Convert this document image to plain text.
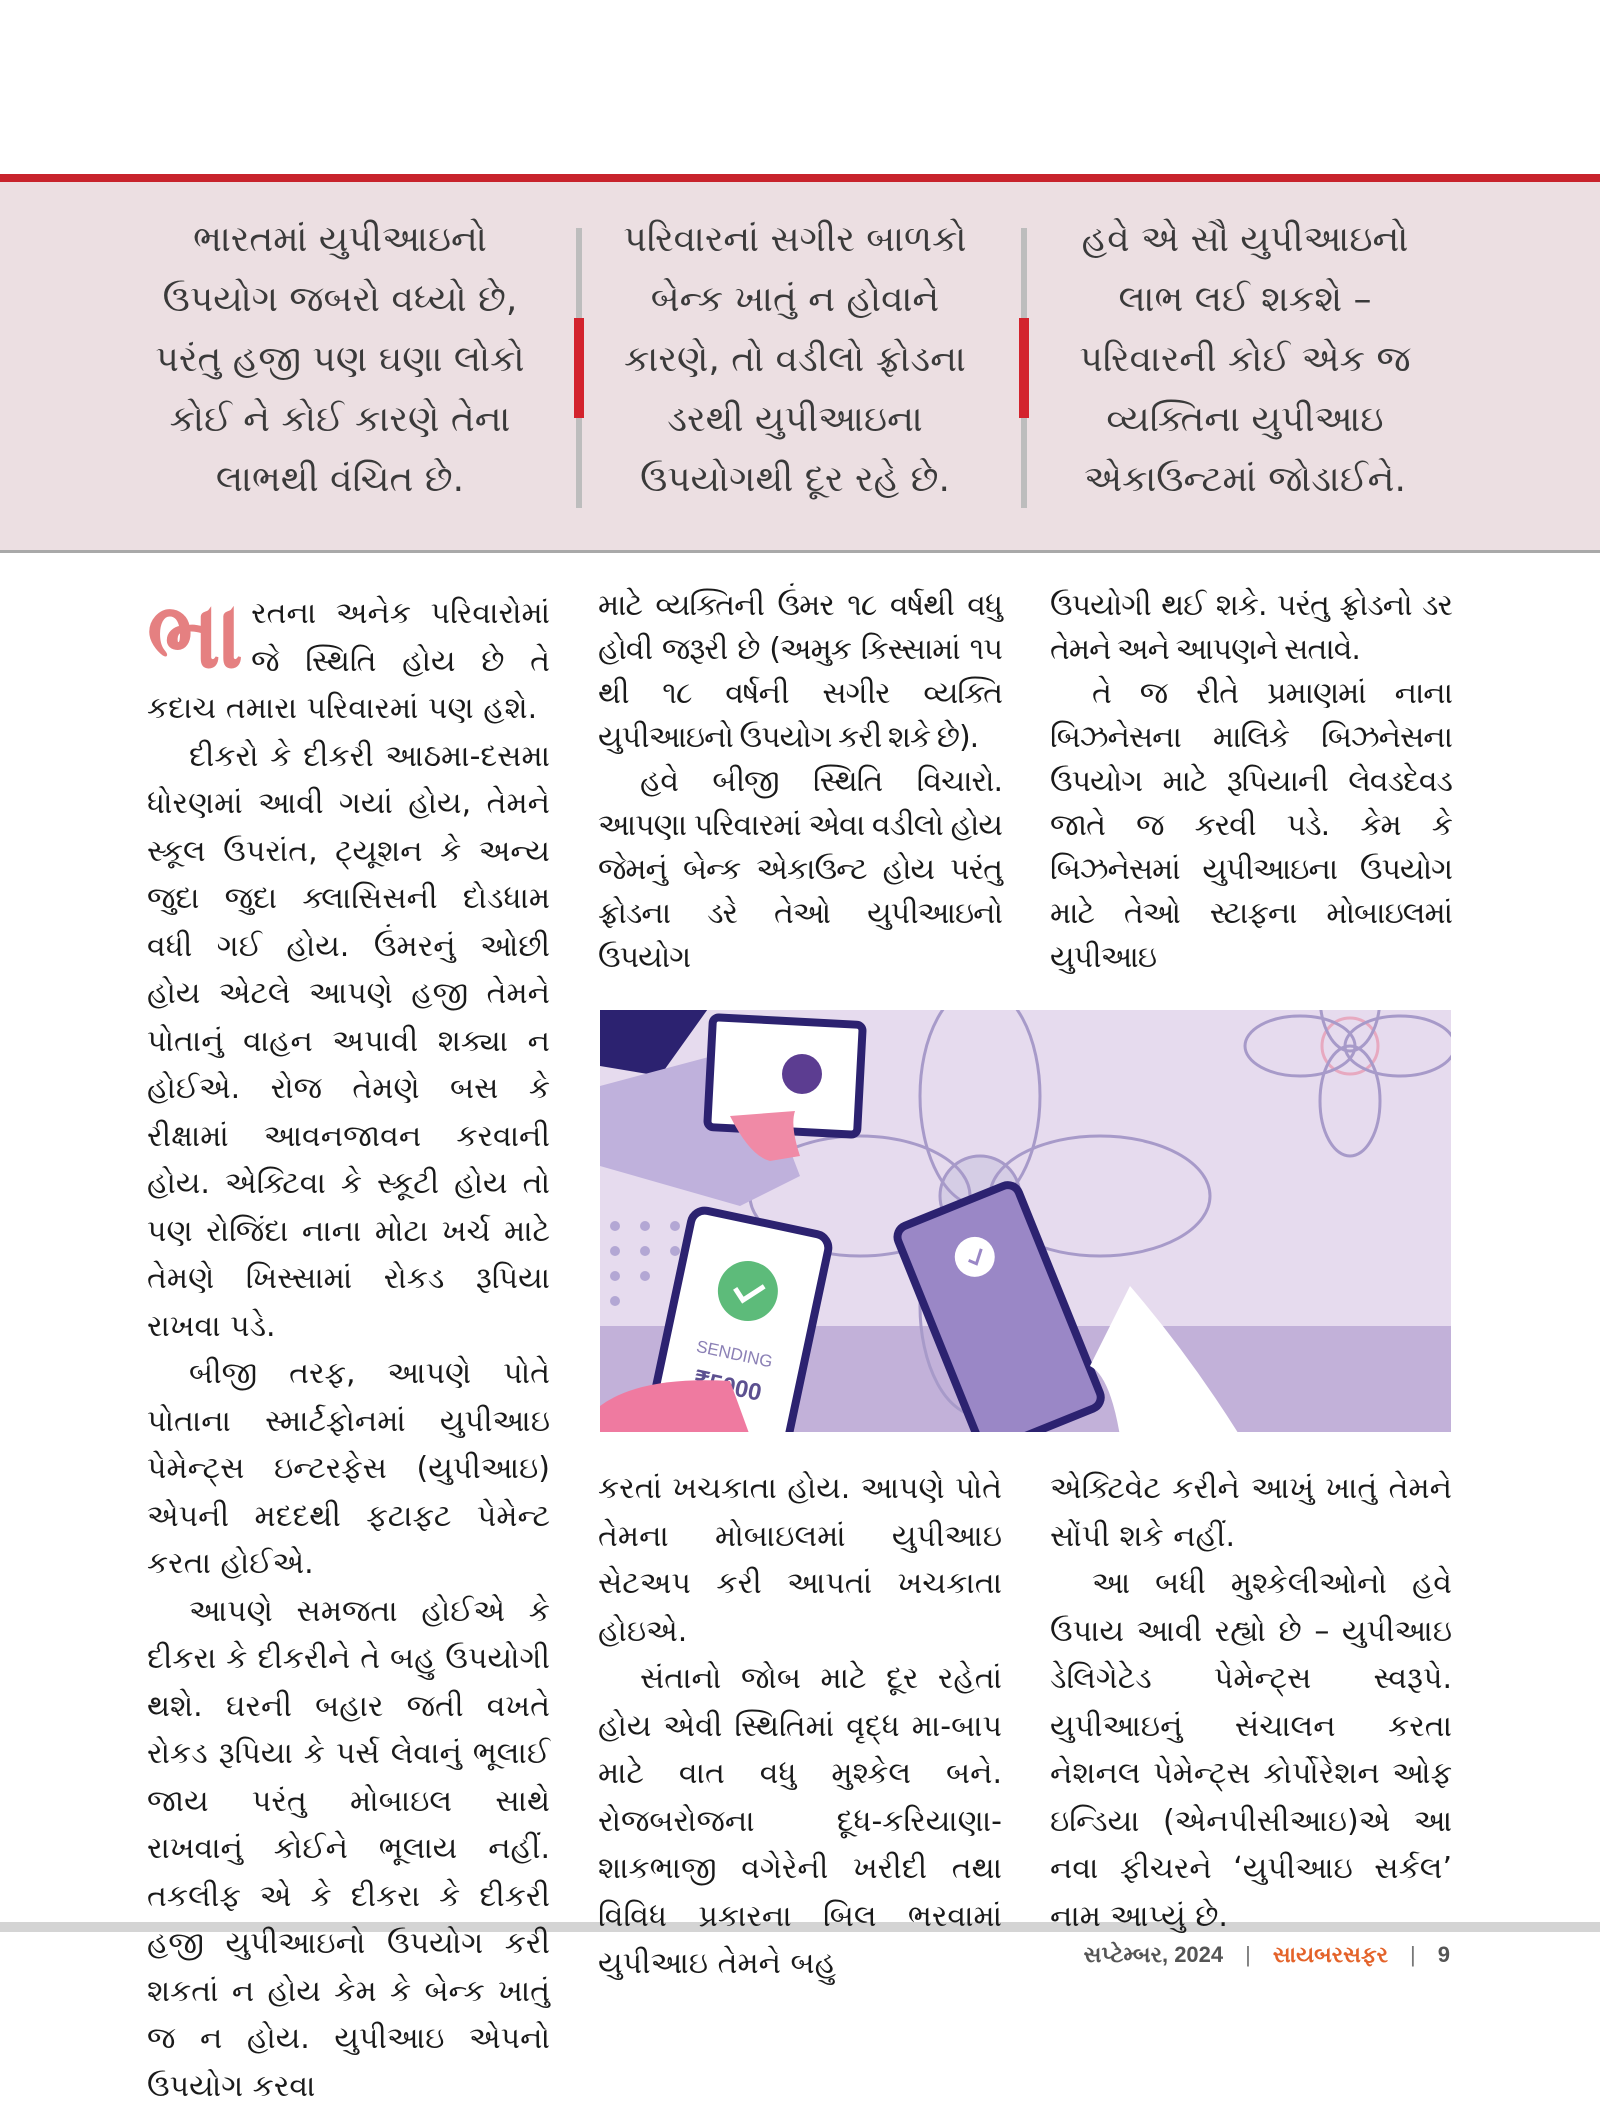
ભારતમાં યુપીઆઇનો ઉપયોગ જબરો વધ્યો છે, પરંતુ હજી પણ ઘણા લોકો કોઈ ને કોઈ કારણે તેના લાભથી વંચિત છે.
પરિવારનાં સગીર બાળકો બેન્ક ખાતું ન હોવાને કારણે, તો વડીલો ફ્રોડના ડરથી યુપીઆઇના ઉપયોગથી દૂર રહે છે.
હવે એ સૌ યુપીઆઇનો લાભ લઈ શકશે – પરિવારની કોઈ એક જ વ્યક્તિના યુપીઆઇ એકાઉન્ટમાં જોડાઈને.

ભારતના અનેક પરિવારોમાં જે સ્થિતિ હોય છે તે કદાચ તમારા પરિવારમાં પણ હશે.

દીકરો કે દીકરી આઠમા-દસમા ધોરણમાં આવી ગયાં હોય, તેમને સ્કૂલ ઉપરાંત, ટ્યૂશન કે અન્ય જુદા જુદા ક્લાસિસની દોડધામ વધી ગઈ હોય. ઉંમરનું ઓછી હોય એટલે આપણે હજી તેમને પોતાનું વાહન અપાવી શક્યા ન હોઈએ. રોજ તેમણે બસ કે રીક્ષામાં આવનજાવન કરવાની હોય. એક્ટિવા કે સ્કૂટી હોય તો પણ રોજિંદા નાના મોટા ખર્ચ માટે તેમણે ખિસ્સામાં રોકડ રૂપિયા રાખવા પડે.

બીજી તરફ, આપણે પોતે પોતાના સ્માર્ટફોનમાં યુપીઆઇ પેમેન્ટ્સ ઇન્ટરફેસ (યુપીઆઇ) એપની મદદથી ફટાફટ પેમેન્ટ કરતા હોઈએ.

આપણે સમજતા હોઈએ કે દીકરા કે દીકરીને તે બહુ ઉપયોગી થશે. ઘરની બહાર જતી વખતે રોકડ રૂપિયા કે પર્સ લેવાનું ભૂલાઈ જાય પરંતુ મોબાઇલ સાથે રાખવાનું કોઈને ભૂલાય નહીં. તકલીફ એ કે દીકરા કે દીકરી હજી યુપીઆઇનો ઉપયોગ કરી શકતાં ન હોય કેમ કે બેન્ક ખાતું જ ન હોય. યુપીઆઇ એપનો ઉપયોગ કરવા

માટે વ્યક્તિની ઉંમર ૧૮ વર્ષથી વધુ હોવી જરૂરી છે (અમુક કિસ્સામાં ૧૫ થી ૧૮ વર્ષની સગીર વ્યક્તિ યુપીઆઇનો ઉપયોગ કરી શકે છે).

હવે બીજી સ્થિતિ વિચારો. આપણા પરિવારમાં એવા વડીલો હોય જેમનું બેન્ક એકાઉન્ટ હોય પરંતુ ફ્રોડના ડરે તેઓ યુપીઆઇનો ઉપયોગ

ઉપયોગી થઈ શકે. પરંતુ ફ્રોડનો ડર તેમને અને આપણને સતાવે.

તે જ રીતે પ્રમાણમાં નાના બિઝનેસના માલિકે બિઝનેસના ઉપયોગ માટે રૂપિયાની લેવડદેવડ જાતે જ કરવી પડે. કેમ કે બિઝનેસમાં યુપીઆઇના ઉપયોગ માટે તેઓ સ્ટાફના મોબાઇલમાં યુપીઆઇ

SENDING

કરતાં ખચકાતા હોય. આપણે પોતે તેમના મોબાઇલમાં યુપીઆઇ સેટઅપ કરી આપતાં ખચકાતા હોઇએ.

સંતાનો જોબ માટે દૂર રહેતાં હોય એવી સ્થિતિમાં વૃદ્ધ મા-બાપ માટે વાત વધુ મુશ્કેલ બને. રોજબરોજના દૂધ-કરિયાણા-શાકભાજી વગેરેની ખરીદી તથા વિવિધ પ્રકારના બિલ ભરવામાં યુપીઆઇ તેમને બહુ

એક્ટિવેટ કરીને આખું ખાતું તેમને સોંપી શકે નહીં.

આ બધી મુશ્કેલીઓનો હવે ઉપાય આવી રહ્યો છે – યુપીઆઇ ડેલિગેટેડ પેમેન્ટ્સ સ્વરૂપે. યુપીઆઇનું સંચાલન કરતા નેશનલ પેમેન્ટ્સ કોર્પોરેશન ઓફ ઇન્ડિયા (એનપીસીઆઇ)એ આ નવા ફીચરને ‘યુપીઆઇ સર્કલ’ નામ આપ્યું છે.

સપ્ટેમ્બર, 2024 | સાયબરસફર | 9
